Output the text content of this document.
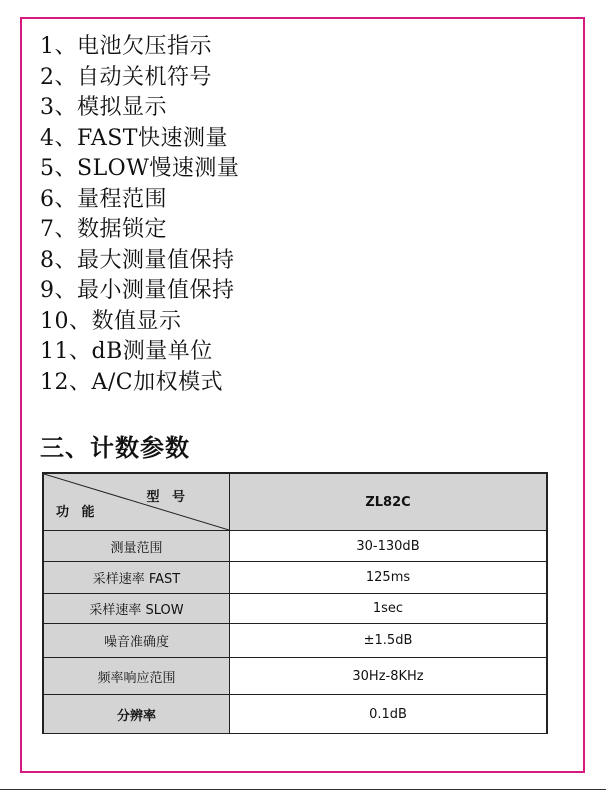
1、电池欠压指示
2、自动关机符号
3、模拟显示
4、FAST快速测量
5、SLOW慢速测量
6、量程范围
7、数据锁定
8、最大测量值保持
9、最小测量值保持
10、数值显示
11、dB测量单位
12、A/C加权模式
三、计数参数
型 号
功 能	ZL82C
测量范围	30-130dB
采样速率 FAST	125ms
采样速率 SLOW	1sec
噪音准确度	±1.5dB
频率响应范围	30Hz-8KHz
分辨率	0.1dB
